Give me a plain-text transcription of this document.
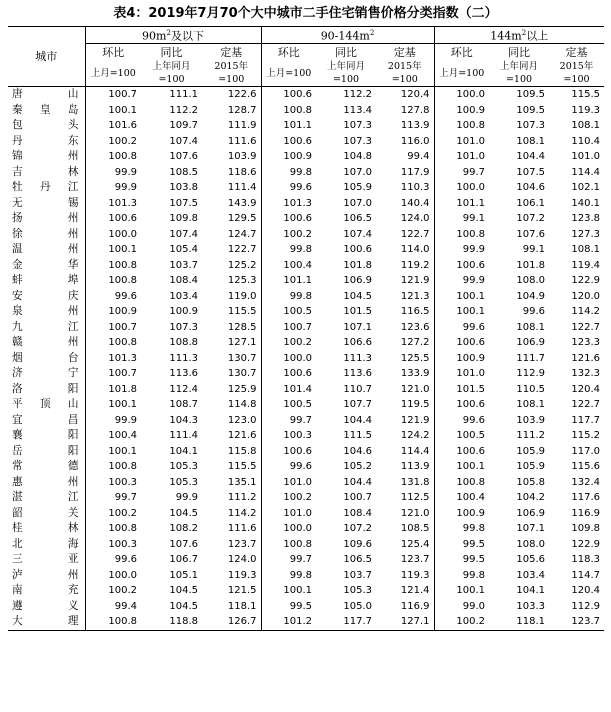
表4：2019年7月70个大中城市二手住宅销售价格分类指数（二）
城市	$90m^2$及以下			$90-144m^2$			$144m^2$以上		
	环比	同比	定基	环比	同比	定基	环比	同比	定基
	上月=100	上年同月=100	2015年=100	上月=100	上年同月=100	2015年=100	上月=100	上年同月=100	2015年=100
唐山	100.7	111.1	122.6	100.6	112.2	120.4	100.0	109.5	115.5
秦皇岛	100.1	112.2	128.7	100.8	113.4	127.8	100.9	109.5	119.3
包头	101.6	109.7	111.9	101.1	107.3	113.9	100.8	107.3	108.1
丹东	100.2	107.4	111.6	100.6	107.3	116.0	101.0	108.1	110.4
锦州	100.8	107.6	103.9	100.9	104.8	99.4	101.0	104.4	101.0
吉林	99.9	108.5	118.6	99.8	107.0	117.9	99.7	107.5	114.4
牡丹江	99.9	103.8	111.4	99.6	105.9	110.3	100.0	104.6	102.1
无锡	101.3	107.5	143.9	101.3	107.0	140.4	101.1	106.1	140.1
扬州	100.6	109.8	129.5	100.6	106.5	124.0	99.1	107.2	123.8
徐州	100.0	107.4	124.7	100.2	107.4	122.7	100.8	107.6	127.3
温州	100.1	105.4	122.7	99.8	100.6	114.0	99.9	99.1	108.1
金华	100.8	103.7	125.2	100.4	101.8	119.2	100.6	101.8	119.4
蚌埠	100.8	108.4	125.3	101.1	106.9	121.9	99.9	108.0	122.9
安庆	99.6	103.4	119.0	99.8	104.5	121.3	100.1	104.9	120.0
泉州	100.9	100.9	115.5	100.5	101.5	116.5	100.1	99.6	114.2
九江	100.7	107.3	128.5	100.7	107.1	123.6	99.6	108.1	122.7
赣州	100.8	108.8	127.1	100.2	106.6	127.2	100.6	106.9	123.3
烟台	101.3	111.3	130.7	100.0	111.3	125.5	100.9	111.7	121.6
济宁	100.7	113.6	130.7	100.6	113.6	133.9	101.0	112.9	132.3
洛阳	101.8	112.4	125.9	101.4	110.7	121.0	101.5	110.5	120.4
平顶山	100.1	108.7	114.8	100.5	107.7	119.5	100.6	108.1	122.7
宜昌	99.9	104.3	123.0	99.7	104.4	121.9	99.6	103.9	117.7
襄阳	100.4	111.4	121.6	100.3	111.5	124.2	100.5	111.2	115.2
岳阳	100.1	104.1	115.8	100.6	104.6	114.4	100.6	105.9	117.0
常德	100.8	105.3	115.5	99.6	105.2	113.9	100.1	105.9	115.6
惠州	100.3	105.3	135.1	101.0	104.4	131.8	100.8	105.8	132.4
湛江	99.7	99.9	111.2	100.2	100.7	112.5	100.4	104.2	117.6
韶关	100.2	104.5	114.2	101.0	108.4	121.0	100.9	106.9	116.9
桂林	100.8	108.2	111.6	100.0	107.2	108.5	99.8	107.1	109.8
北海	100.3	107.6	123.7	100.8	109.6	125.4	99.5	108.0	122.9
三亚	99.6	106.7	124.0	99.7	106.5	123.7	99.5	105.6	118.3
泸州	100.0	105.1	119.3	99.8	103.7	119.3	99.8	103.4	114.7
南充	100.2	104.5	121.5	100.1	105.3	121.4	100.1	104.1	120.4
遵义	99.4	104.5	118.1	99.5	105.0	116.9	99.0	103.3	112.9
大理	100.8	118.8	126.7	101.2	117.7	127.1	100.2	118.1	123.7
